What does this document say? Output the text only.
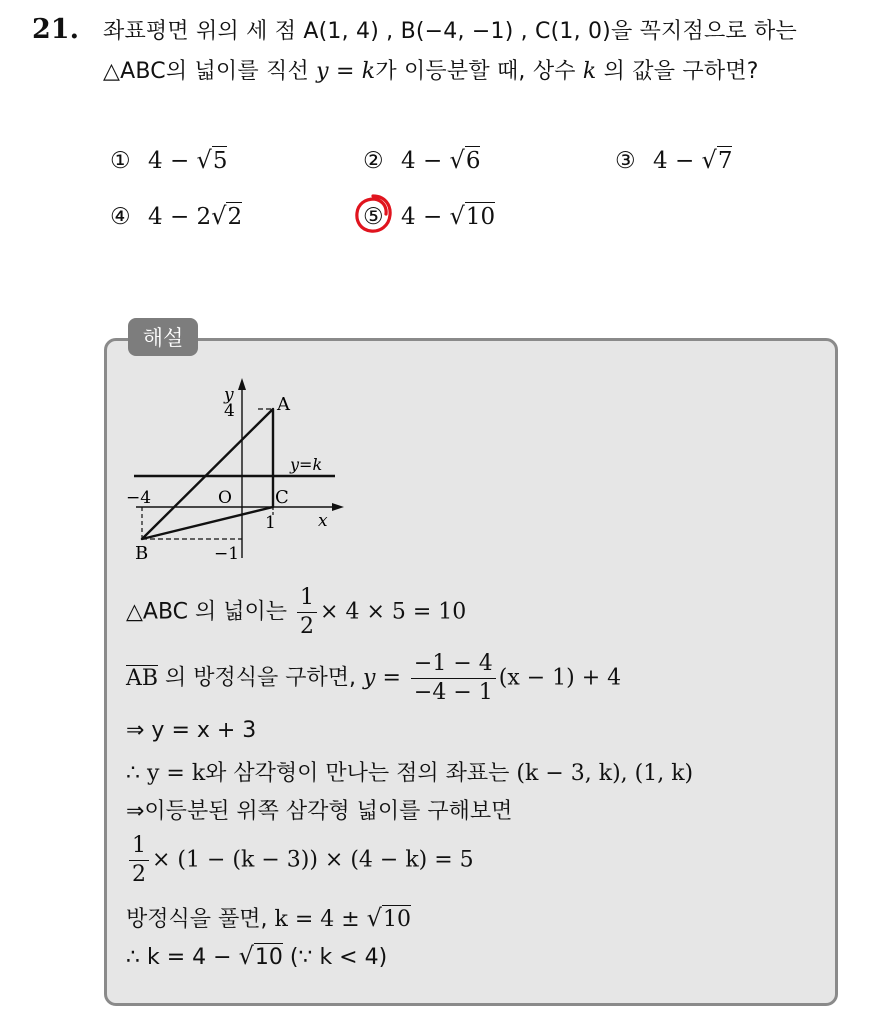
21. 좌표평면 위의 세 점 A(1, 4) , B(−4, −1) , C(1, 0)을 꼭지점으로 하는
△ABC의 넓이를 직선 y = k가 이등분할 때, 상수 k 의 값을 구하면?
① 4 − √5	② 4 − √6	③ 4 − √7
④ 4 − 2√2	⑤ 4 − √10
해설
y
x
4 A
y=k
−4	O C
1
B	−1
△ABC 의 넓이는 $\frac{1}{2} \times 4 \times 5 = 10$
AB 의 방정식을 구하면, $y = \frac{-1 - 4}{-4 - 1} (x - 1) + 4$
⇒ y = x + 3
∴ y = k와 삼각형이 만나는 점의 좌표는 (k − 3, k), (1, k)
⇒이등분된 위쪽 삼각형 넓이를 구해보면
$\frac{1}{2} \times (1 - (k - 3)) \times (4 - k) = 5$
방정식을 풀면, k = 4 ± √10
∴ k = 4 − √10 (∵ k < 4)
